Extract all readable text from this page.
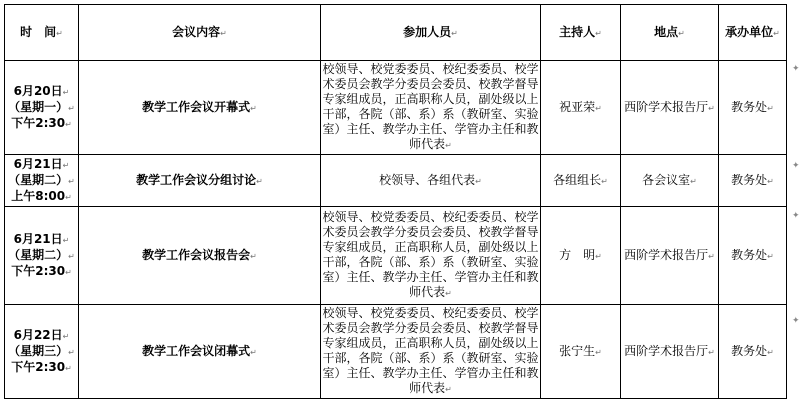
时　间↵	会议内容↵	参加人员↵	主持人↵	地点↵	承办单位↵

6月20日↵
（星期一）↵
下午2:30↵	教学工作会议开幕式↵	校领导、校党委委员、校纪委委员、校学术委员会教学分委员会委员、校教学督导专家组成员，正高职称人员，副处级以上干部，各院（部、系）系（教研室、实验室）主任、教学办主任、学管办主任和教师代表↵	祝亚荣↵	西阶学术报告厅↵	教务处↵

6月21日↵
（星期二）↵
上午8:00↵	教学工作会议分组讨论↵	校领导、各组代表↵	各组组长↵	各会议室↵	教务处↵

6月21日↵
（星期二）↵
下午2:30↵	教学工作会议报告会↵	校领导、校党委委员、校纪委委员、校学术委员会教学分委员会委员、校教学督导专家组成员，正高职称人员，副处级以上干部，各院（部、系）系（教研室、实验室）主任、教学办主任、学管办主任和教师代表↵	方　明↵	西阶学术报告厅↵	教务处↵

6月22日↵
（星期三）↵
下午2:30↵	教学工作会议闭幕式↵	校领导、校党委委员、校纪委委员、校学术委员会教学分委员会委员、校教学督导专家组成员，正高职称人员，副处级以上干部，各院（部、系）系（教研室、实验室）主任、教学办主任、学管办主任和教师代表↵	张宁生↵	西阶学术报告厅↵	教务处↵
✦
✦
✦
✦
